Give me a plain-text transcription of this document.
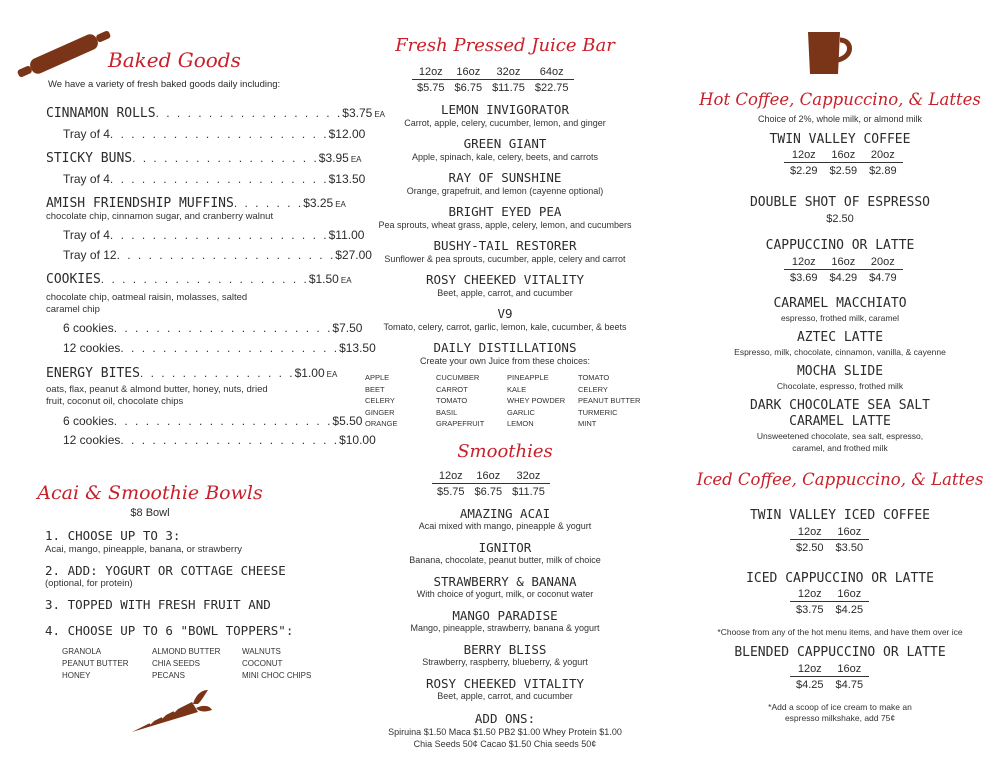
Baked Goods
We have a variety of fresh baked goods daily including:
CINNAMON ROLLS . . . . . . . . . . . . . . . . . . $3.75 EA
Tray of 4 . . . . . . . . . . . . . . . . . . . . . $12.00
STICKY BUNS . . . . . . . . . . . . . . . . . . $3.95 EA
Tray of 4 . . . . . . . . . . . . . . . . . . . . . $13.50
AMISH FRIENDSHIP MUFFINS . . . . . . . $3.25 EA
chocolate chip, cinnamon sugar, and cranberry walnut
Tray of 4 . . . . . . . . . . . . . . . . . . . . . $11.00
Tray of 12 . . . . . . . . . . . . . . . . . . . . . $27.00
COOKIES . . . . . . . . . . . . . . . . . . . . $1.50 EA
chocolate chip, oatmeal raisin, molasses, salted caramel chip
6 cookies . . . . . . . . . . . . . . . . . . . . . $7.50
12 cookies . . . . . . . . . . . . . . . . . . . . . $13.50
ENERGY BITES . . . . . . . . . . . . . . . $1.00 EA
oats, flax, peanut & almond butter, honey, nuts, dried fruit, coconut oil, chocolate chips
6 cookies . . . . . . . . . . . . . . . . . . . . . $5.50
12 cookies . . . . . . . . . . . . . . . . . . . . . $10.00
Acai & Smoothie Bowls
$8 Bowl
1. CHOOSE UP TO 3:
Acai, mango, pineapple, banana, or strawberry
2. ADD: YOGURT OR COTTAGE CHEESE
(optional, for protein)
3. TOPPED WITH FRESH FRUIT AND
4. CHOOSE UP TO 6 "BOWL TOPPERS":
GRANOLA	ALMOND BUTTER	WALNUTS
PEANUT BUTTER	CHIA SEEDS	COCONUT
HONEY	PECANS	MINI CHOC CHIPS
Fresh Pressed Juice Bar
12oz	16oz	32oz	64oz
$5.75	$6.75	$11.75	$22.75
LEMON INVIGORATOR
Carrot, apple, celery, cucumber, lemon, and ginger
GREEN GIANT
Apple, spinach, kale, celery, beets, and carrots
RAY OF SUNSHINE
Orange, grapefruit, and lemon (cayenne optional)
BRIGHT EYED PEA
Pea sprouts, wheat grass, apple, celery, lemon, and cucumbers
BUSHY-TAIL RESTORER
Sunflower & pea sprouts, cucumber, apple, celery and carrot
ROSY CHEEKED VITALITY
Beet, apple, carrot, and cucumber
V9
Tomato, celery, carrot, garlic, lemon, kale, cucumber, & beets
DAILY DISTILLATIONS
Create your own Juice from these choices:
APPLE	CUCUMBER	PINEAPPLE	TOMATO
BEET	CARROT	KALE	CELERY
CELERY	TOMATO	WHEY POWDER	PEANUT BUTTER
GINGER	BASIL	GARLIC	TURMERIC
ORANGE	GRAPEFRUIT	LEMON	MINT
Smoothies
12oz	16oz	32oz
$5.75	$6.75	$11.75
AMAZING ACAI
Acai mixed with mango, pineapple & yogurt
IGNITOR
Banana, chocolate, peanut butter, milk of choice
STRAWBERRY & BANANA
With choice of yogurt, milk, or coconut water
MANGO PARADISE
Mango, pineapple, strawberry, banana & yogurt
BERRY BLISS
Strawberry, raspberry, blueberry, & yogurt
ROSY CHEEKED VITALITY
Beet, apple, carrot, and cucumber
ADD ONS:
Spiruina $1.50 Maca $1.50 PB2 $1.00 Whey Protein $1.00
Chia Seeds 50¢ Cacao $1.50 Chia seeds 50¢
Hot Coffee, Cappuccino, & Lattes
Choice of 2%, whole milk, or almond milk
TWIN VALLEY COFFEE
12oz	16oz	20oz
$2.29	$2.59	$2.89
DOUBLE SHOT OF ESPRESSO
$2.50
CAPPUCCINO OR LATTE
12oz	16oz	20oz
$3.69	$4.29	$4.79
CARAMEL MACCHIATO
espresso, frothed milk, caramel
AZTEC LATTE
Espresso, milk, chocolate, cinnamon, vanilla, & cayenne
MOCHA SLIDE
Chocolate, espresso, frothed milk
DARK CHOCOLATE SEA SALT
CARAMEL LATTE
Unsweetened chocolate, sea salt, espresso,
caramel, and frothed milk
Iced Coffee, Cappuccino, & Lattes
TWIN VALLEY ICED COFFEE
12oz	16oz
$2.50	$3.50
ICED CAPPUCCINO OR LATTE
12oz	16oz
$3.75	$4.25
*Choose from any of the hot menu items, and have them over ice
BLENDED CAPPUCCINO OR LATTE
12oz	16oz
$4.25	$4.75
*Add a scoop of ice cream to make an
espresso milkshake, add 75¢
